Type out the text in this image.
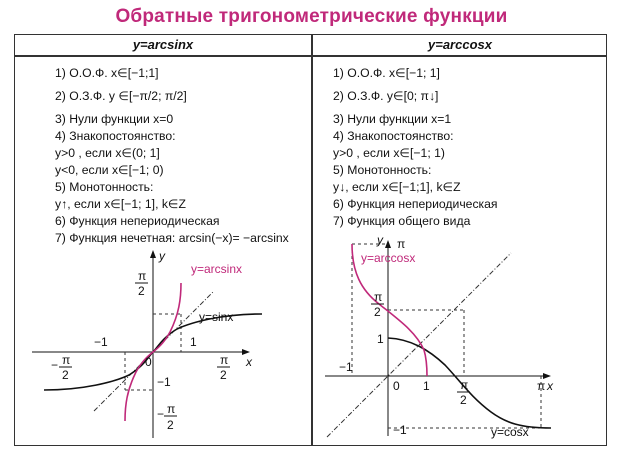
Обратные тригонометрические функции
y=arcsinx	y=arccosx
1) О.О.Ф. x∈[−1;1]
2) О.З.Ф. y ∈[−π/2; π/2]
3) Нули функции x=0
4) Знакопостоянство:
y>0 , если x∈(0; 1]
y<0, если x∈[−1; 0)
5) Монотонность:
y↑, если x∈[−1; 1], k∈Z
6) Функция непериодическая
7) Функция нечетная: arcsin(−x)= −arcsinx
1) О.О.Ф. x∈[−1; 1]
2) О.З.Ф. y∈[0; π↓]
3) Нули функции x=1
4) Знакопостоянство:
y>0 , если x∈[−1; 1)
5) Монотонность:
y↓, если x∈[−1;1], k∈Z
6) Функция непериодическая
7) Функция общего вида
y
x
π
2
−1	1
0
− π
2
π
2
−1
− π
2
y=arcsinx
y=sinx
y π
x
π
2
1
−1
0 1	π
2
π
−1
y=arccosx
y=cosx
